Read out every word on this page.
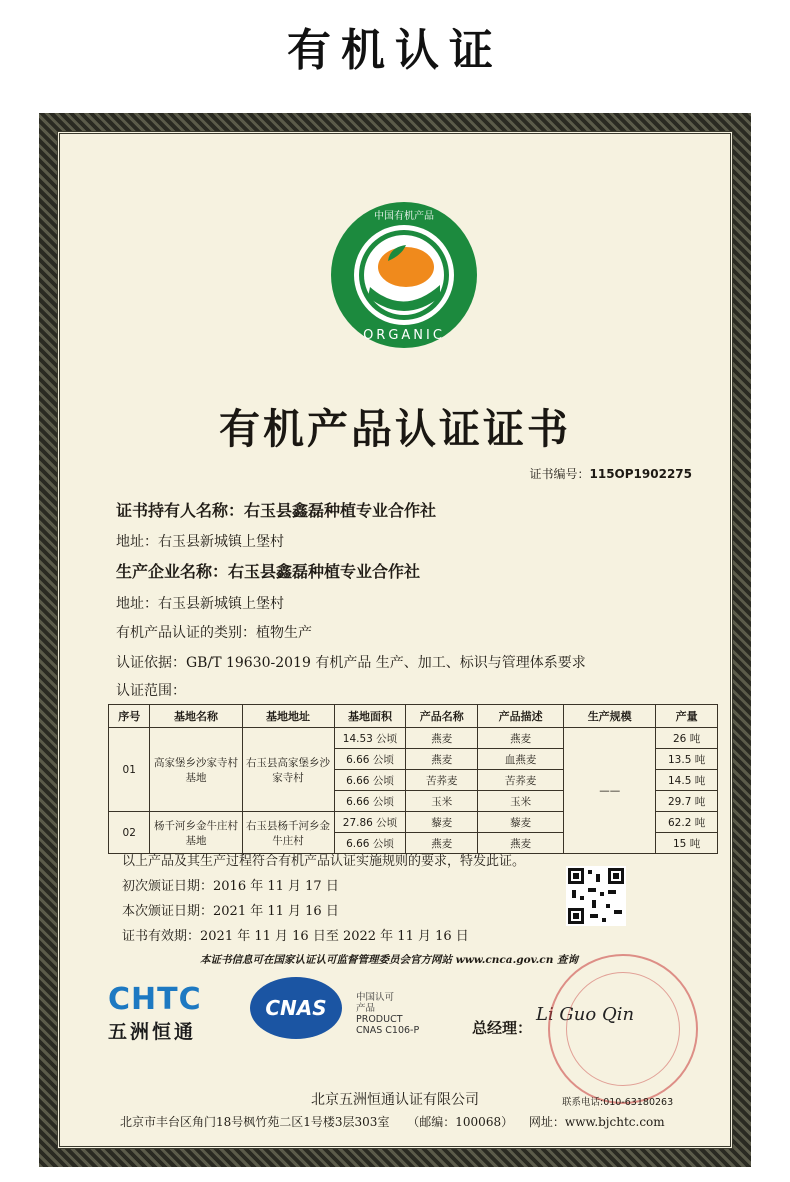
有机认证
中国有机产品
ORGANIC
有机产品认证证书
证书编号：115OP1902275
证书持有人名称：右玉县鑫磊种植专业合作社
地址：右玉县新城镇上堡村
生产企业名称：右玉县鑫磊种植专业合作社
地址：右玉县新城镇上堡村
有机产品认证的类别：植物生产
认证依据：GB/T 19630-2019 有机产品 生产、加工、标识与管理体系要求
认证范围：
序号	基地名称	基地地址	基地面积	产品名称	产品描述	生产规模	产量
01	高家堡乡沙家寺村基地	右玉县高家堡乡沙家寺村	14.53 公顷	燕麦	燕麦	——	26 吨
			6.66 公顷	燕麦	血燕麦		13.5 吨
			6.66 公顷	苦荞麦	苦荞麦		14.5 吨
			6.66 公顷	玉米	玉米		29.7 吨
02	杨千河乡金牛庄村基地	右玉县杨千河乡金牛庄村	27.86 公顷	藜麦	藜麦		62.2 吨
			6.66 公顷	燕麦	燕麦		15 吨
以上产品及其生产过程符合有机产品认证实施规则的要求，特发此证。
初次颁证日期：2016 年 11 月 17 日
本次颁证日期：2021 年 11 月 16 日
证书有效期：2021 年 11 月 16 日至 2022 年 11 月 16 日
本证书信息可在国家认证认可监督管理委员会官方网站 www.cnca.gov.cn 查询
CHTC
五洲恒通
CNAS	中国认可
产品
PRODUCT
CNAS C106-P	总经理：
Li Guo Qin
北京五洲恒通认证有限公司	联系电话:010-63180263
北京市丰台区角门18号枫竹苑二区1号楼3层303室 （邮编：100068） 网址：www.bjchtc.com
